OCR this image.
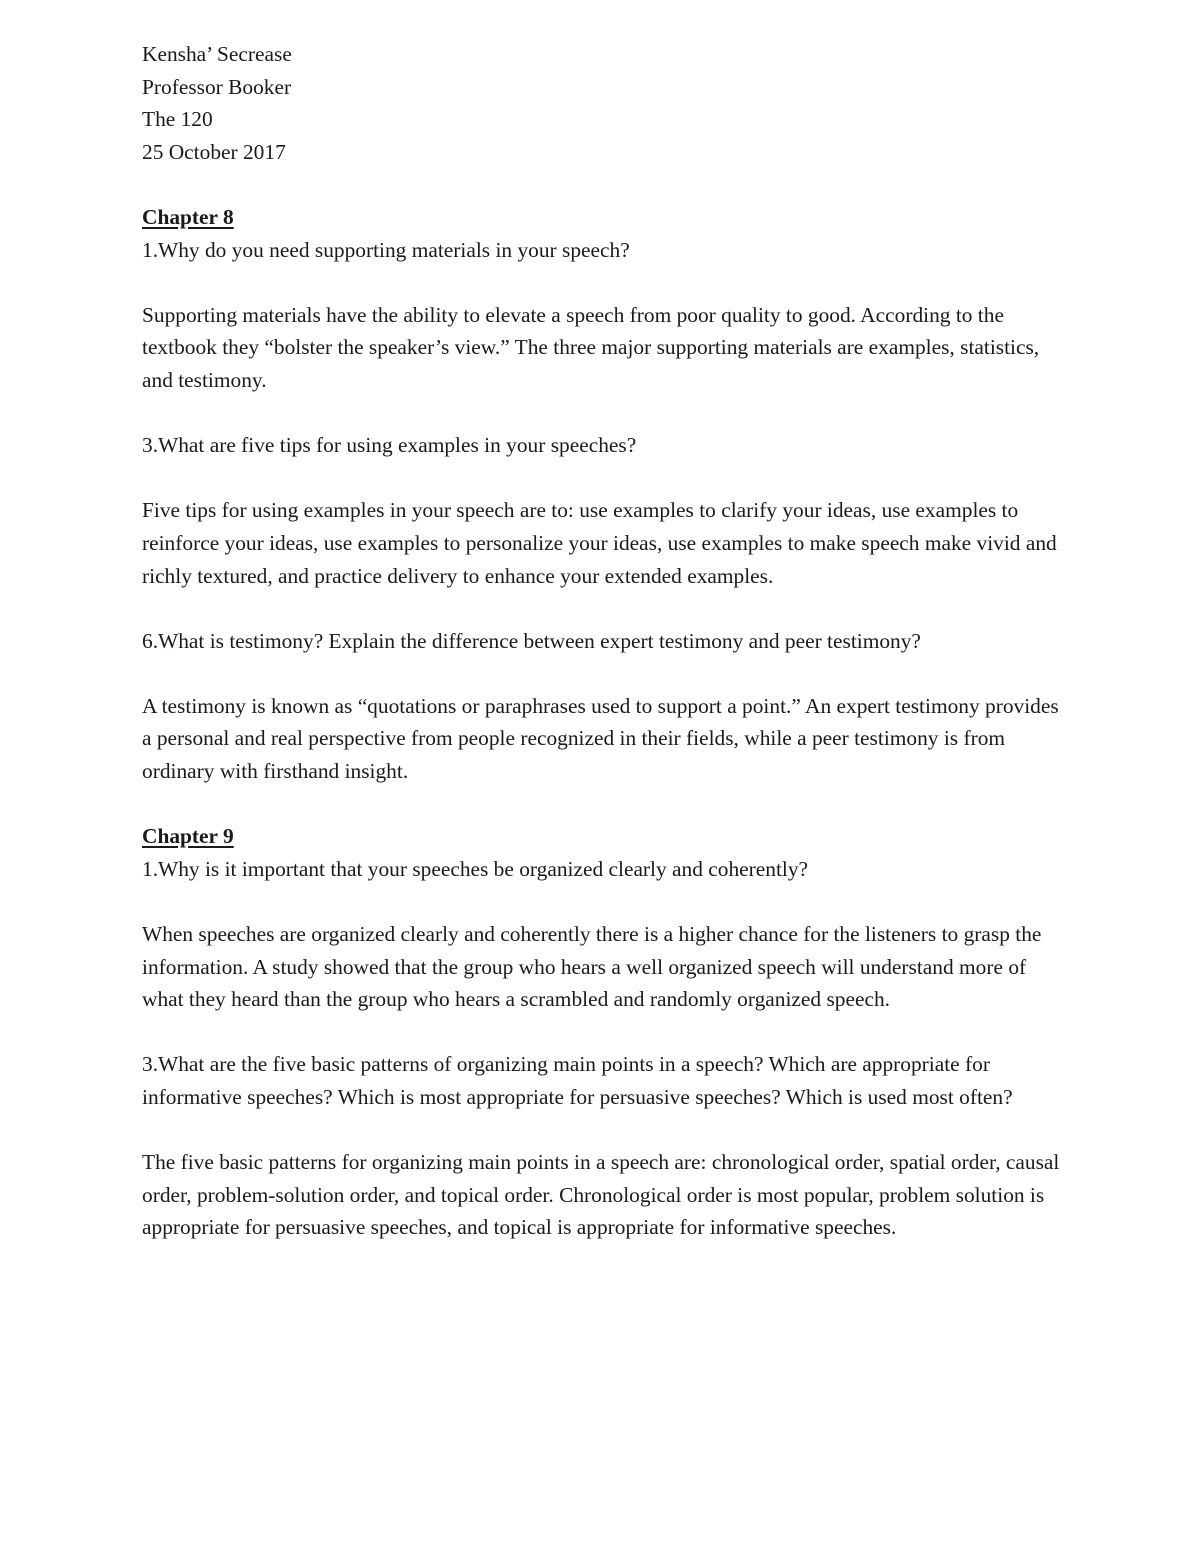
Kensha’ Secrease

Professor Booker

The 120

25 October 2017

Chapter 8

1.Why do you need supporting materials in your speech?

Supporting materials have the ability to elevate a speech from poor quality to good. According to the textbook they “bolster the speaker’s view.” The three major supporting materials are examples, statistics, and testimony.

3.What are five tips for using examples in your speeches?

Five tips for using examples in your speech are to: use examples to clarify your ideas, use examples to reinforce your ideas, use examples to personalize your ideas, use examples to make speech make vivid and richly textured, and practice delivery to enhance your extended examples.

6.What is testimony? Explain the difference between expert testimony and peer testimony?

A testimony is known as “quotations or paraphrases used to support a point.” An expert testimony provides a personal and real perspective from people recognized in their fields, while a peer testimony is from ordinary with firsthand insight.

Chapter 9

1.Why is it important that your speeches be organized clearly and coherently?

When speeches are organized clearly and coherently there is a higher chance for the listeners to grasp the information. A study showed that the group who hears a well organized speech will understand more of what they heard than the group who hears a scrambled and randomly organized speech.

3.What are the five basic patterns of organizing main points in a speech? Which are appropriate for informative speeches? Which is most appropriate for persuasive speeches? Which is used most often?

The five basic patterns for organizing main points in a speech are: chronological order, spatial order, causal order, problem-solution order, and topical order. Chronological order is most popular, problem solution is appropriate for persuasive speeches, and topical is appropriate for informative speeches.
